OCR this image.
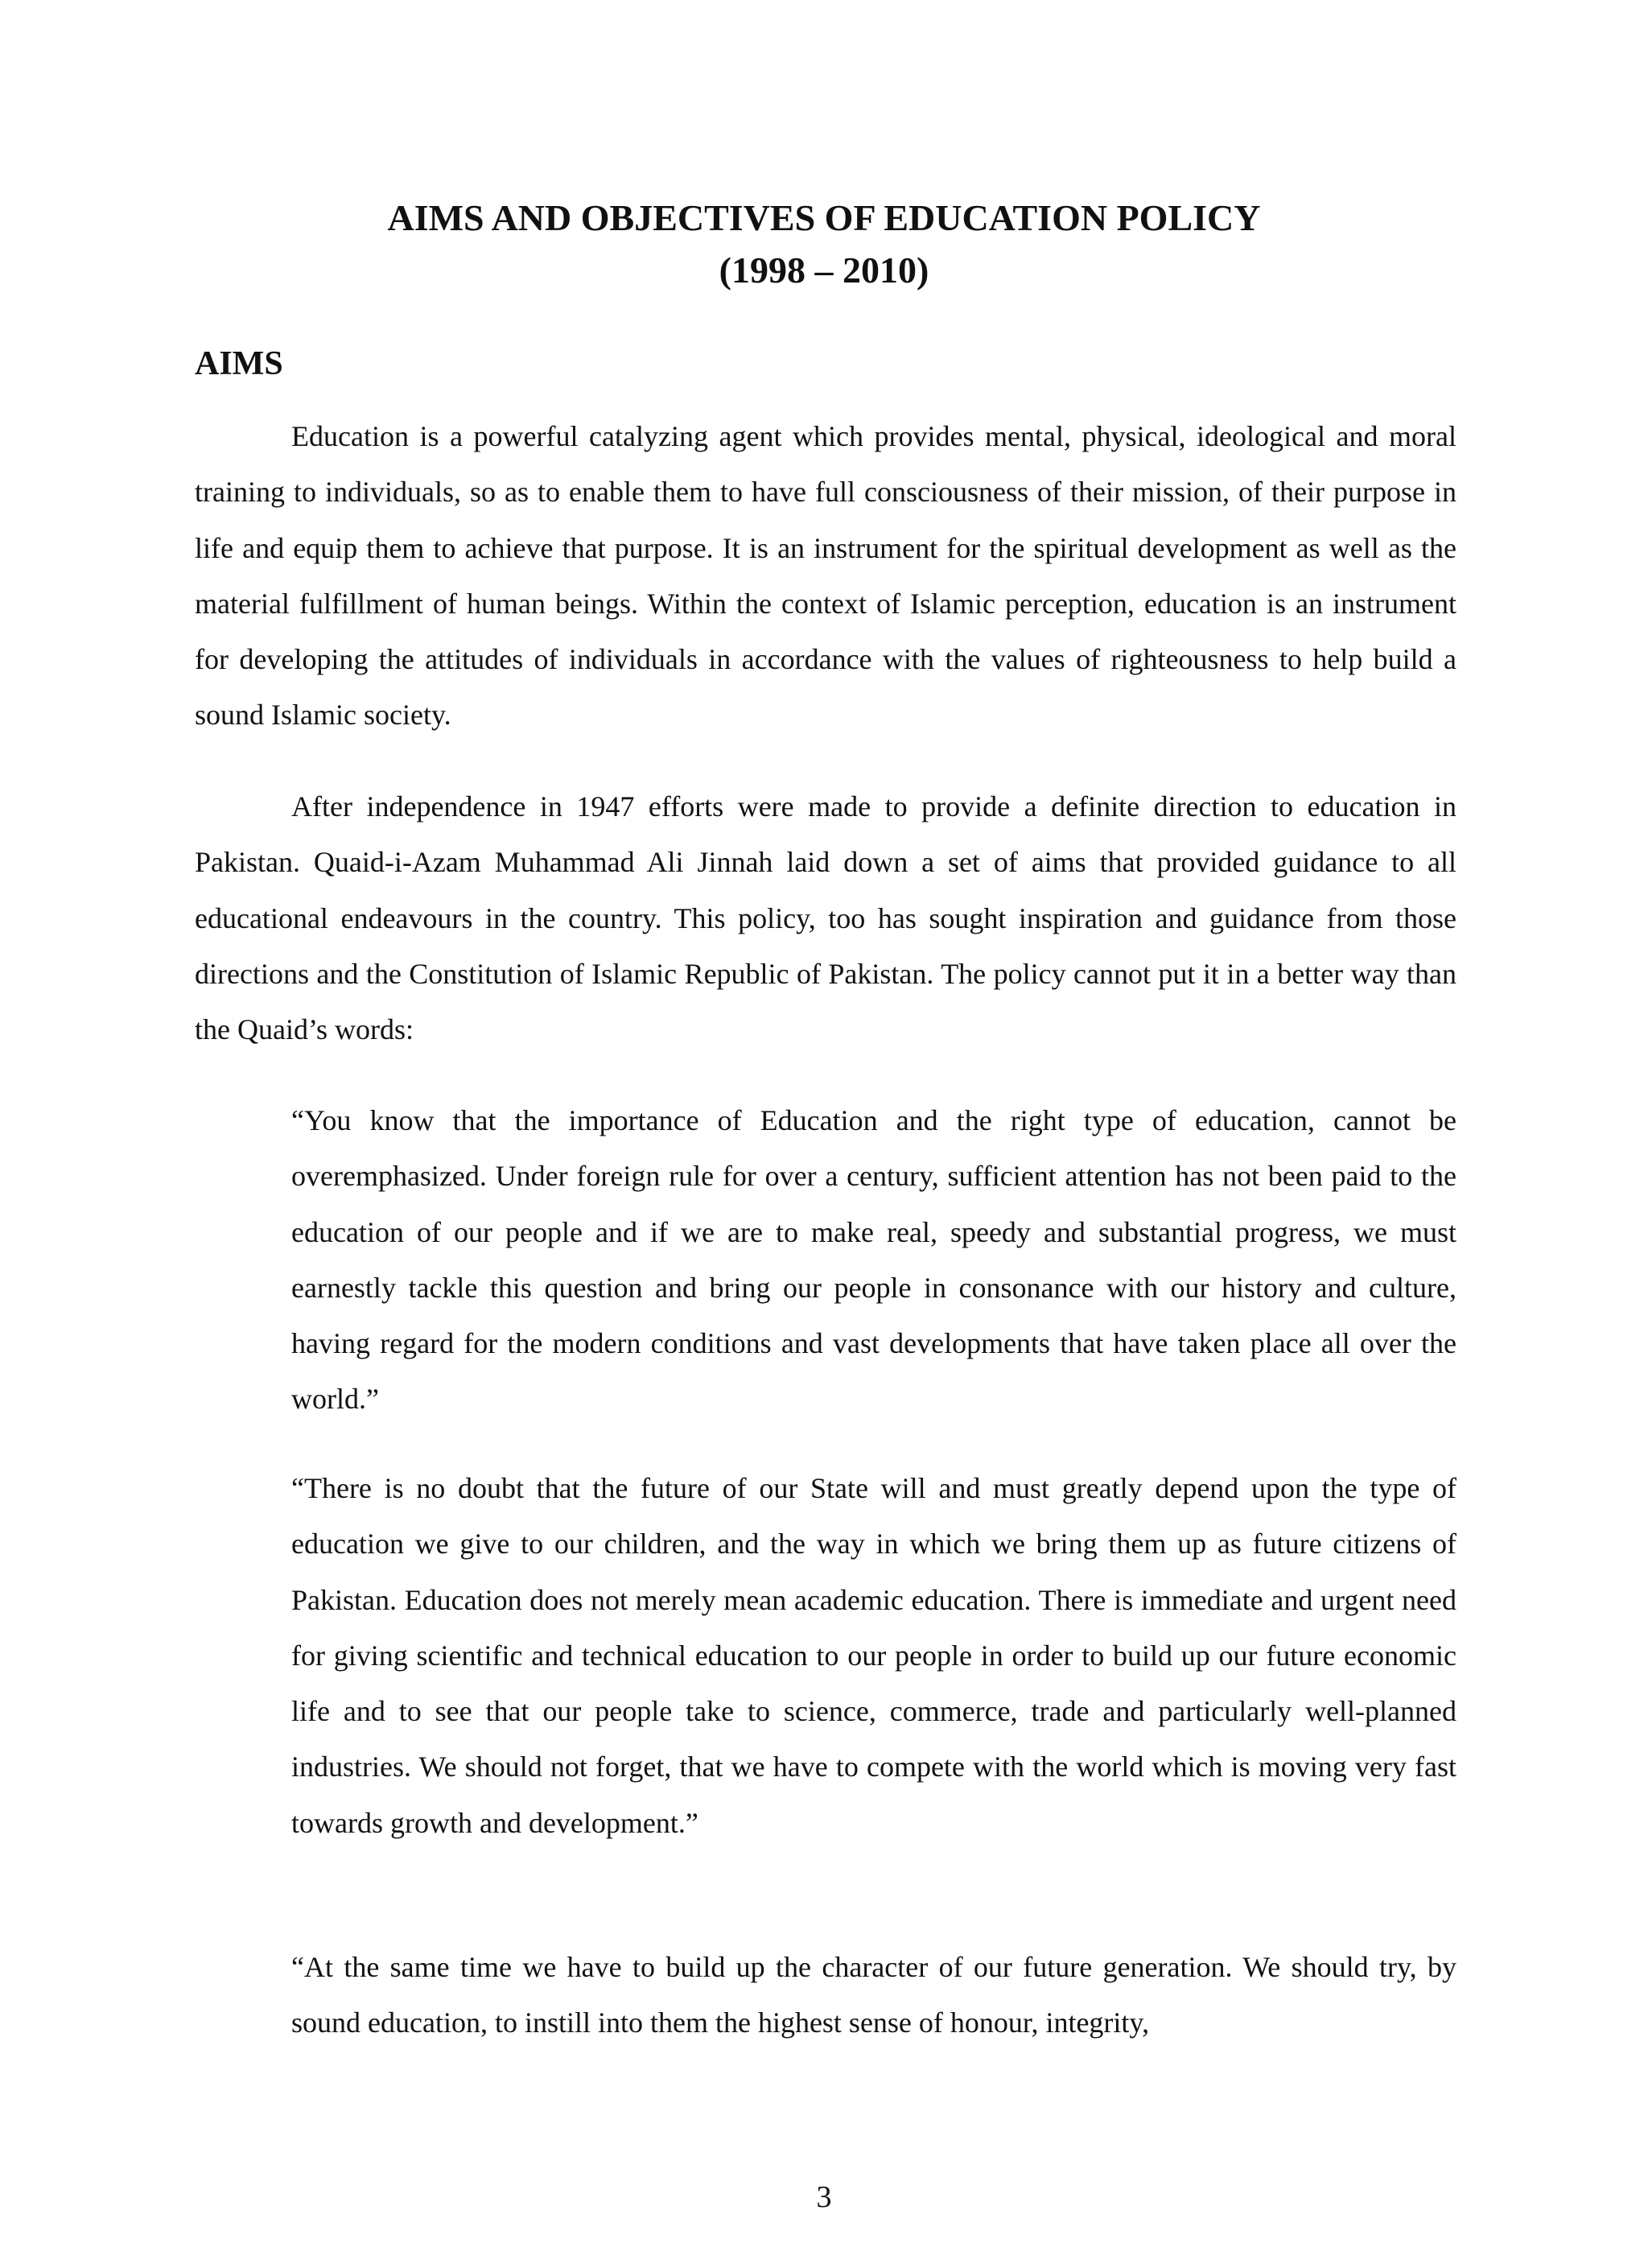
AIMS AND OBJECTIVES OF EDUCATION POLICY
(1998 – 2010)
AIMS

Education is a powerful catalyzing agent which provides mental, physical, ideological and moral training to individuals, so as to enable them to have full consciousness of their mission, of their purpose in life and equip them to achieve that purpose. It is an instrument for the spiritual development as well as the material fulfillment of human beings. Within the context of Islamic perception, education is an instrument for developing the attitudes of individuals in accordance with the values of righteousness to help build a sound Islamic society.

After independence in 1947 efforts were made to provide a definite direction to education in Pakistan. Quaid-i-Azam Muhammad Ali Jinnah laid down a set of aims that provided guidance to all educational endeavours in the country. This policy, too has sought inspiration and guidance from those directions and the Constitution of Islamic Republic of Pakistan. The policy cannot put it in a better way than the Quaid’s words:

“You know that the importance of Education and the right type of education, cannot be overemphasized. Under foreign rule for over a century, sufficient attention has not been paid to the education of our people and if we are to make real, speedy and substantial progress, we must earnestly tackle this question and bring our people in consonance with our history and culture, having regard for the modern conditions and vast developments that have taken place all over the world.”

“There is no doubt that the future of our State will and must greatly depend upon the type of education we give to our children, and the way in which we bring them up as future citizens of Pakistan. Education does not merely mean academic education. There is immediate and urgent need for giving scientific and technical education to our people in order to build up our future economic life and to see that our people take to science, commerce, trade and particularly well-planned industries. We should not forget, that we have to compete with the world which is moving very fast towards growth and development.”

“At the same time we have to build up the character of our future generation. We should try, by sound education, to instill into them the highest sense of honour, integrity,

3
